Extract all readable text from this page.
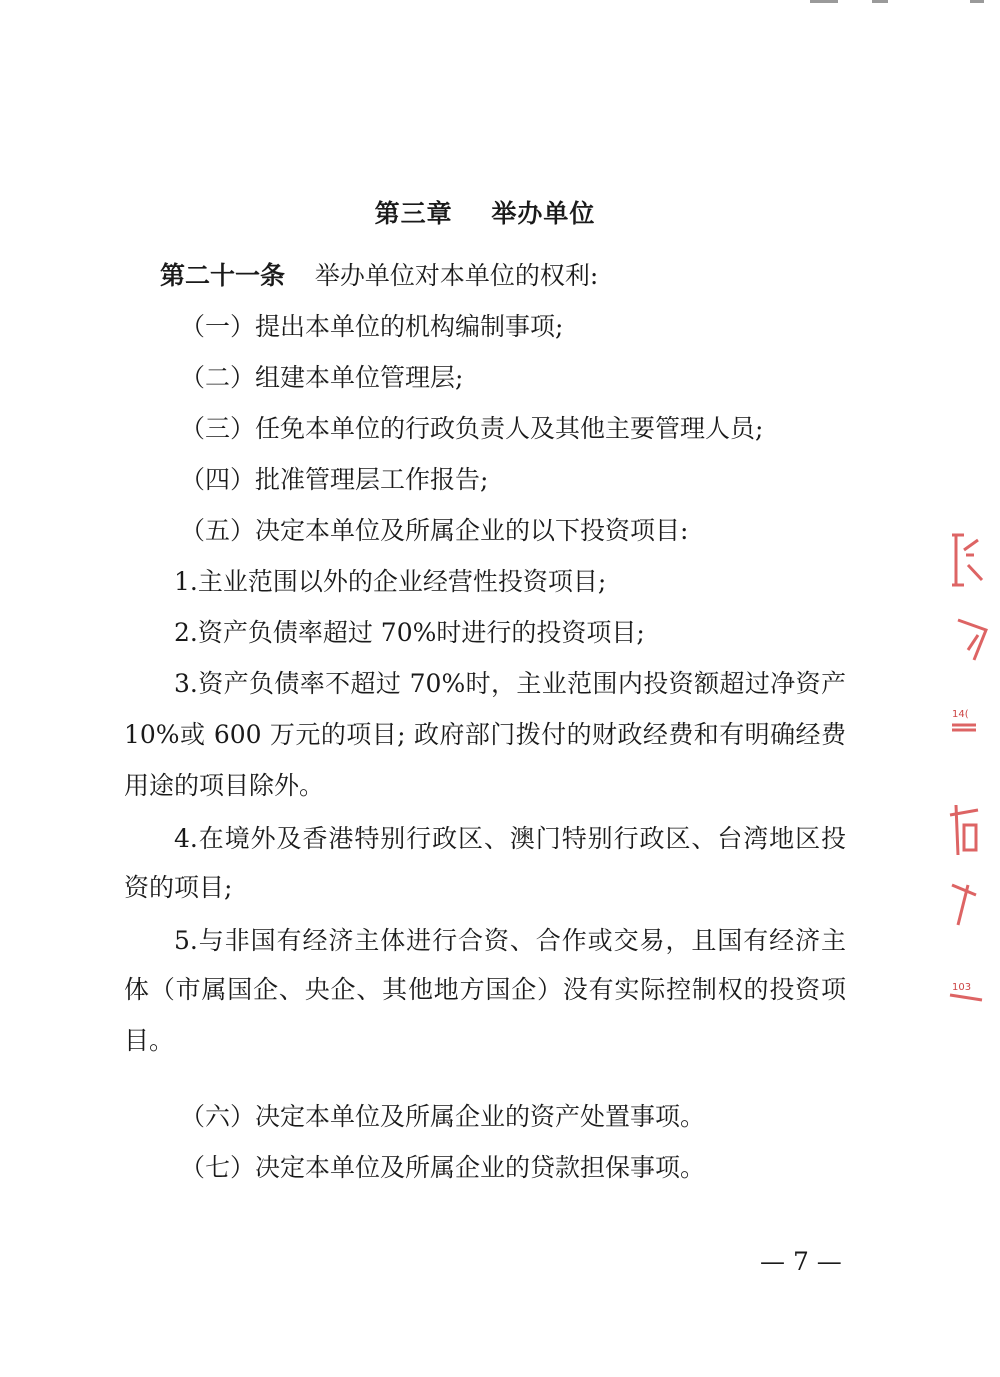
第三章    举办单位
第二十一条 举办单位对本单位的权利:
（一）提出本单位的机构编制事项;
（二）组建本单位管理层;
（三）任免本单位的行政负责人及其他主要管理人员;
（四）批准管理层工作报告;
（五）决定本单位及所属企业的以下投资项目:
1.主业范围以外的企业经营性投资项目;
2.资产负债率超过 70%时进行的投资项目;
3.资产负债率不超过 70%时，主业范围内投资额超过净资产
10%或 600 万元的项目; 政府部门拨付的财政经费和有明确经费
用途的项目除外。
4.在境外及香港特别行政区、澳门特别行政区、台湾地区投
资的项目;
5.与非国有经济主体进行合资、合作或交易，且国有经济主
体（市属国企、央企、其他地方国企）没有实际控制权的投资项
目。
（六）决定本单位及所属企业的资产处置事项。
（七）决定本单位及所属企业的贷款担保事项。
— 7 —
14(
103
